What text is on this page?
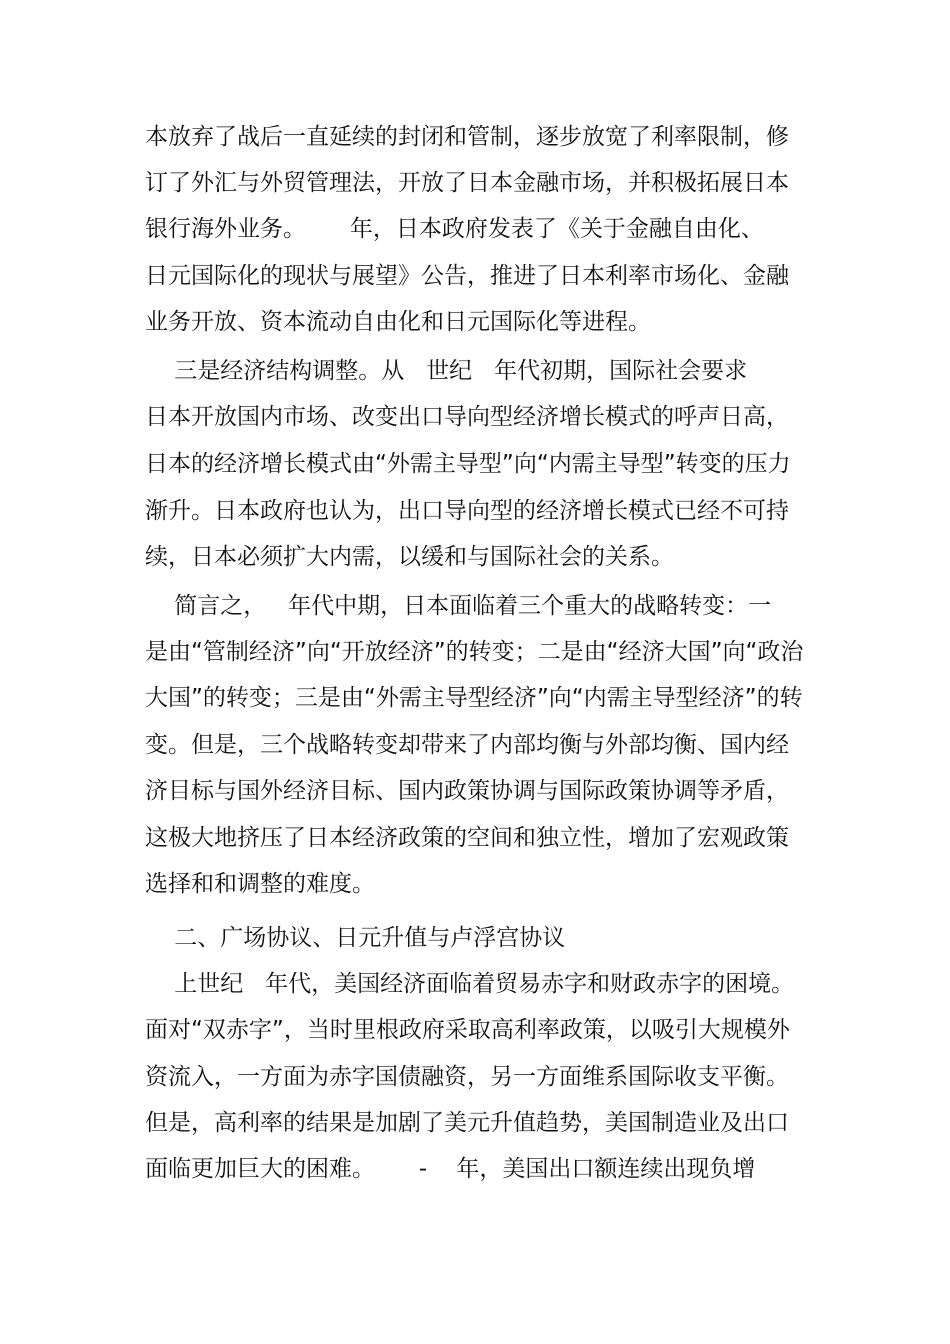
本放弃了战后一直延续的封闭和管制，逐步放宽了利率限制，修
订了外汇与外贸管理法，开放了日本金融市场，并积极拓展日本
银行海外业务。      年，日本政府发表了《关于金融自由化、
日元国际化的现状与展望》公告，推进了日本利率市场化、金融
业务开放、资本流动自由化和日元国际化等进程。
三是经济结构调整。从   世纪   年代初期，国际社会要求
日本开放国内市场、改变出口导向型经济增长模式的呼声日高，
日本的经济增长模式由“外需主导型”向“内需主导型”转变的压力
渐升。日本政府也认为，出口导向型的经济增长模式已经不可持
续，日本必须扩大内需，以缓和与国际社会的关系。
简言之，   年代中期，日本面临着三个重大的战略转变：一
是由“管制经济”向“开放经济”的转变；二是由“经济大国”向“政治
大国”的转变；三是由“外需主导型经济”向“内需主导型经济”的转
变。但是，三个战略转变却带来了内部均衡与外部均衡、国内经
济目标与国外经济目标、国内政策协调与国际政策协调等矛盾，
这极大地挤压了日本经济政策的空间和独立性，增加了宏观政策
选择和和调整的难度。
二、广场协议、日元升值与卢浮宫协议
上世纪   年代，美国经济面临着贸易赤字和财政赤字的困境。
面对“双赤字”，当时里根政府采取高利率政策，以吸引大规模外
资流入，一方面为赤字国债融资，另一方面维系国际收支平衡。
但是，高利率的结果是加剧了美元升值趋势，美国制造业及出口
面临更加巨大的困难。      -    年，美国出口额连续出现负增
